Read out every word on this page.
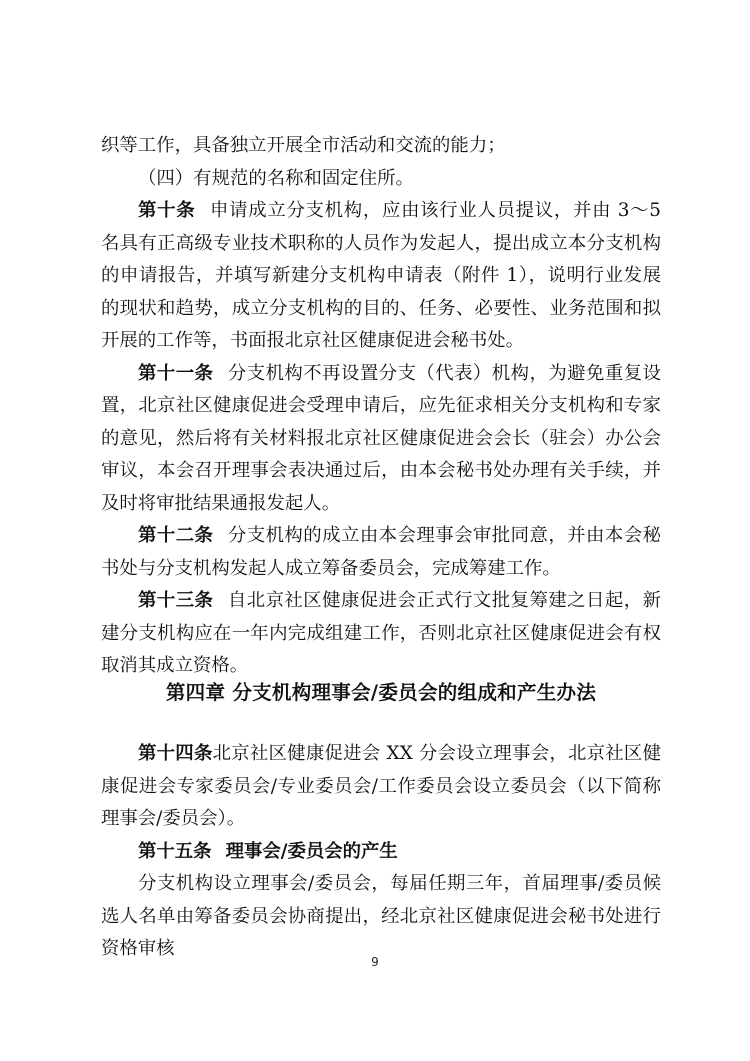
织等工作，具备独立开展全市活动和交流的能力；

（四）有规范的名称和固定住所。

第十条 申请成立分支机构，应由该行业人员提议，并由 3～5 名具有正高级专业技术职称的人员作为发起人，提出成立本分支机构的申请报告，并填写新建分支机构申请表（附件 1），说明行业发展的现状和趋势，成立分支机构的目的、任务、必要性、业务范围和拟开展的工作等，书面报北京社区健康促进会秘书处。

第十一条 分支机构不再设置分支（代表）机构，为避免重复设置，北京社区健康促进会受理申请后，应先征求相关分支机构和专家的意见，然后将有关材料报北京社区健康促进会会长（驻会）办公会审议，本会召开理事会表决通过后，由本会秘书处办理有关手续，并及时将审批结果通报发起人。

第十二条 分支机构的成立由本会理事会审批同意，并由本会秘书处与分支机构发起人成立筹备委员会，完成筹建工作。

第十三条 自北京社区健康促进会正式行文批复筹建之日起，新建分支机构应在一年内完成组建工作，否则北京社区健康促进会有权取消其成立资格。

第四章 分支机构理事会/委员会的组成和产生办法

第十四条北京社区健康促进会 XX 分会设立理事会，北京社区健康促进会专家委员会/专业委员会/工作委员会设立委员会（以下简称理事会/委员会）。

第十五条 理事会/委员会的产生

分支机构设立理事会/委员会，每届任期三年，首届理事/委员候选人名单由筹备委员会协商提出，经北京社区健康促进会秘书处进行资格审核

9
